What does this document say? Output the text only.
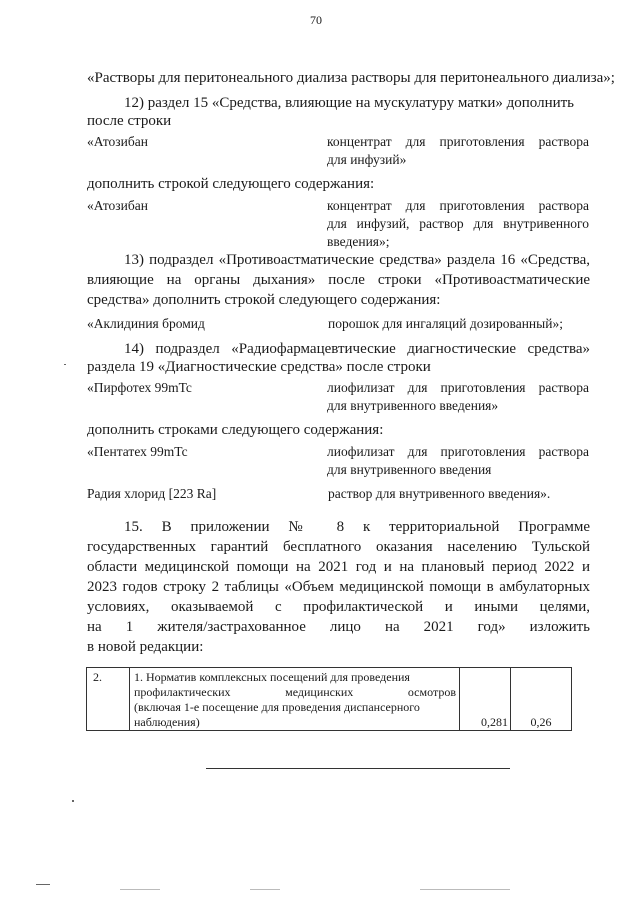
70
«Растворы для перитонеального диализа растворы для перитонеального диализа»;
12) раздел 15 «Средства, влияющие на мускулатуру матки» дополнить
после строки
«Атозибан	концентрат для приготовления раствора
для инфузий»
дополнить строкой следующего содержания:
«Атозибан	концентрат для приготовления раствора
для инфузий, раствор для внутривенного
введения»;
13) подраздел «Противоастматические средства» раздела 16 «Средства,
влияющие на органы дыхания» после строки «Противоастматические
средства» дополнить строкой следующего содержания:
«Аклидиния бромид	порошок для ингаляций дозированный»;
14) подраздел «Радиофармацевтические диагностические средства»
раздела 19 «Диагностические средства» после строки
«Пирфотех 99mTc	лиофилизат для приготовления раствора
для внутривенного введения»
дополнить строками следующего содержания:
«Пентатех 99mTc	лиофилизат для приготовления раствора
для внутривенного введения
Радия хлорид [223 Ra]	раствор для внутривенного введения».
15. В приложении № 8 к территориальной Программе
государственных гарантий бесплатного оказания населению Тульской
области медицинской помощи на 2021 год и на плановый период 2022 и
2023 годов строку 2 таблицы «Объем медицинской помощи в амбулаторных
условиях, оказываемой с профилактической и иными целями,
на 1 жителя/застрахованное лицо на 2021 год» изложить
в новой редакции:
2.	1. Норматив комплексных посещений для проведения
профилактических медицинских осмотров
(включая 1-е посещение для проведения диспансерного
наблюдения)	0,281	0,26
